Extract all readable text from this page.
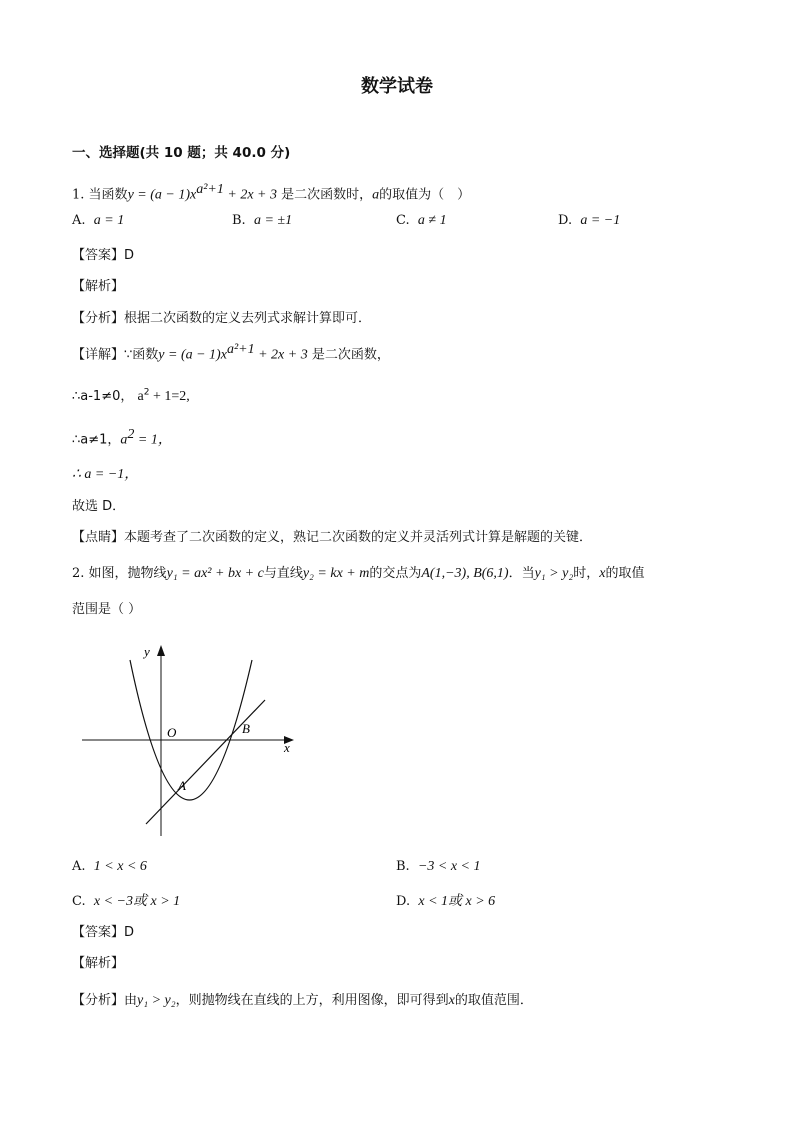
数学试卷
一、选择题(共 10 题；共 40.0 分)
1. 当函数$y = (a - 1)x^{a^2+1} + 2x + 3$ 是二次函数时，a的取值为（　）
A. a = 1	B. a = ±1	C. a ≠ 1	D. a = −1
【答案】D
【解析】
【分析】根据二次函数的定义去列式求解计算即可．
【详解】∵函数$y = (a - 1)x^{a^2+1} + 2x + 3$ 是二次函数，
∴a-1≠0， $a^2 + 1=2$,
∴a≠1，$a^2 = 1$，
∴ a = −1，
故选 D．
【点睛】本题考查了二次函数的定义，熟记二次函数的定义并灵活列式计算是解题的关键．
2. 如图，抛物线y₁ = ax² + bx + c与直线y₂ = kx + m的交点为A(1,−3), B(6,1)．当y₁ > y₂时，x的取值
范围是（ ）
y
x
O
A
B
A. 1 < x < 6	B. −3 < x < 1
C. x < −3或 x > 1	D. x < 1或 x > 6
【答案】D
【解析】
【分析】由y₁ > y₂，则抛物线在直线的上方，利用图像，即可得到x的取值范围．
